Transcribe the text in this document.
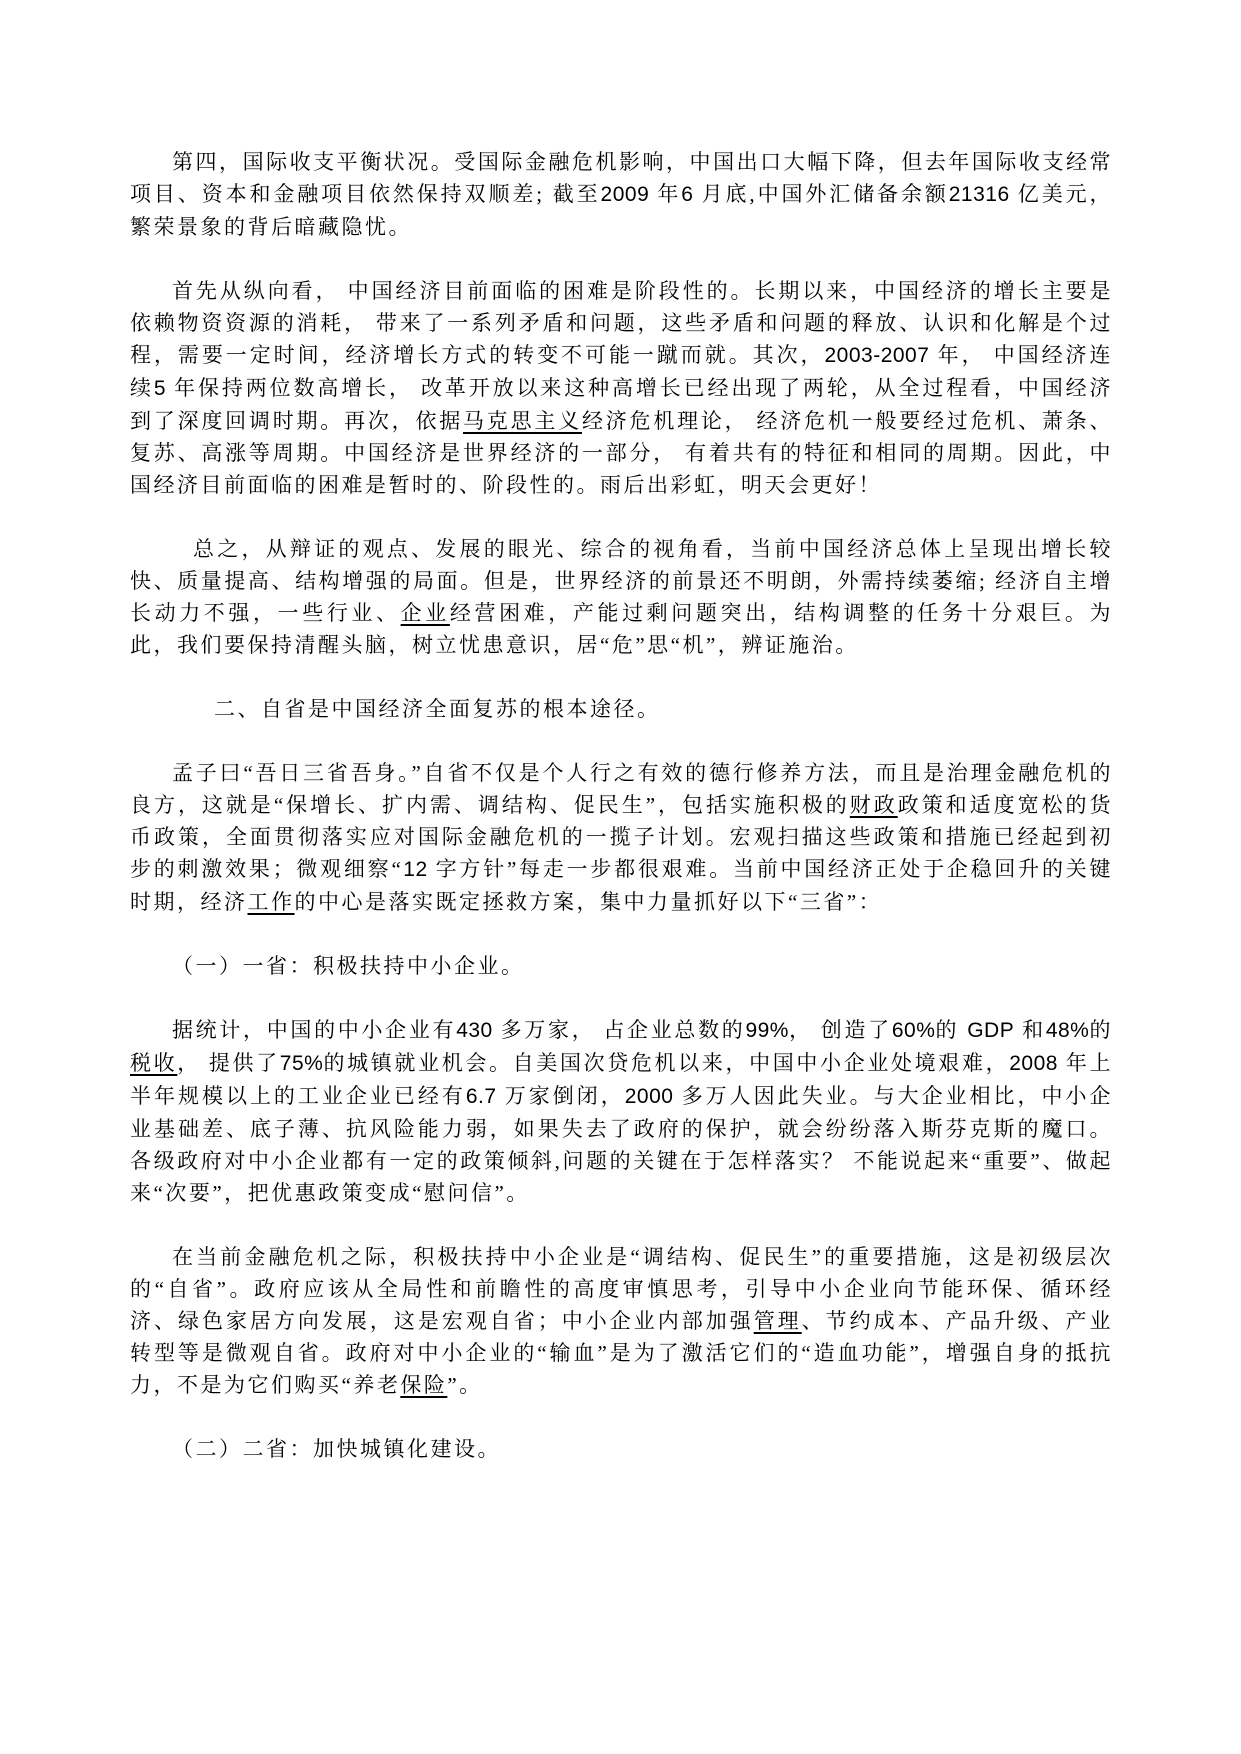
第四，国际收支平衡状况。受国际金融危机影响，中国出口大幅下降，但去年国际收支经常项目、资本和金融项目依然保持双顺差; 截至2009 年6 月底,中国外汇储备余额21316 亿美元，繁荣景象的背后暗藏隐忧。

首先从纵向看， 中国经济目前面临的困难是阶段性的。长期以来，中国经济的增长主要是依赖物资资源的消耗， 带来了一系列矛盾和问题，这些矛盾和问题的释放、认识和化解是个过程，需要一定时间，经济增长方式的转变不可能一蹴而就。其次，2003-2007 年， 中国经济连续5 年保持两位数高增长， 改革开放以来这种高增长已经出现了两轮，从全过程看，中国经济到了深度回调时期。再次，依据马克思主义经济危机理论， 经济危机一般要经过危机、萧条、复苏、高涨等周期。中国经济是世界经济的一部分， 有着共有的特征和相同的周期。因此，中国经济目前面临的困难是暂时的、阶段性的。雨后出彩虹，明天会更好！

总之，从辩证的观点、发展的眼光、综合的视角看，当前中国经济总体上呈现出增长较快、质量提高、结构增强的局面。但是，世界经济的前景还不明朗，外需持续萎缩; 经济自主增长动力不强，一些行业、企业经营困难，产能过剩问题突出，结构调整的任务十分艰巨。为此，我们要保持清醒头脑，树立忧患意识，居“危”思“机”，辨证施治。

二、自省是中国经济全面复苏的根本途径。

孟子曰“吾日三省吾身。”自省不仅是个人行之有效的德行修养方法，而且是治理金融危机的良方，这就是“保增长、扩内需、调结构、促民生”，包括实施积极的财政政策和适度宽松的货币政策，全面贯彻落实应对国际金融危机的一揽子计划。宏观扫描这些政策和措施已经起到初步的刺激效果；微观细察“12 字方针”每走一步都很艰难。当前中国经济正处于企稳回升的关键时期，经济工作的中心是落实既定拯救方案，集中力量抓好以下“三省”：

（一）一省：积极扶持中小企业。

据统计，中国的中小企业有430 多万家， 占企业总数的99%， 创造了60%的 GDP 和48%的税收， 提供了75%的城镇就业机会。自美国次贷危机以来，中国中小企业处境艰难，2008 年上半年规模以上的工业企业已经有6.7 万家倒闭，2000 多万人因此失业。与大企业相比，中小企业基础差、底子薄、抗风险能力弱，如果失去了政府的保护，就会纷纷落入斯芬克斯的魔口。各级政府对中小企业都有一定的政策倾斜,问题的关键在于怎样落实？ 不能说起来“重要”、做起来“次要”，把优惠政策变成“慰问信”。

在当前金融危机之际，积极扶持中小企业是“调结构、促民生”的重要措施，这是初级层次的“自省”。政府应该从全局性和前瞻性的高度审慎思考，引导中小企业向节能环保、循环经济、绿色家居方向发展，这是宏观自省；中小企业内部加强管理、节约成本、产品升级、产业转型等是微观自省。政府对中小企业的“输血”是为了激活它们的“造血功能”，增强自身的抵抗力，不是为它们购买“养老保险”。

（二）二省：加快城镇化建设。
